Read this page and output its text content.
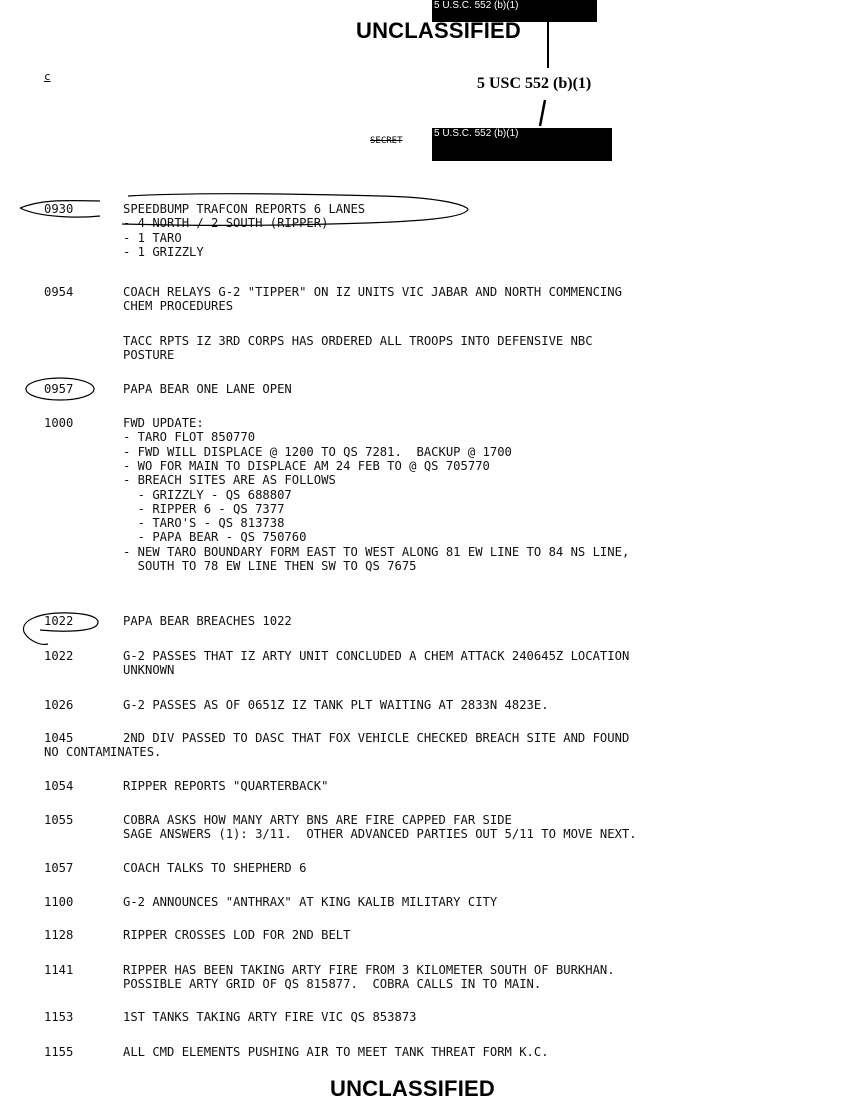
5 U.S.C. 552 (b)(1)
UNCLASSIFIED
c	5 USC 552 (b)(1)
SECRET
5 U.S.C. 552 (b)(1)
0930	SPEEDBUMP TRAFCON REPORTS 6 LANES
- 4 NORTH / 2 SOUTH (RIPPER)
- 1 TARO
- 1 GRIZZLY
0954	COACH RELAYS G-2 "TIPPER" ON IZ UNITS VIC JABAR AND NORTH COMMENCING
CHEM PROCEDURES
TACC RPTS IZ 3RD CORPS HAS ORDERED ALL TROOPS INTO DEFENSIVE NBC
POSTURE
0957	PAPA BEAR ONE LANE OPEN
1000	FWD UPDATE:
- TARO FLOT 850770
- FWD WILL DISPLACE @ 1200 TO QS 7281.  BACKUP @ 1700
- WO FOR MAIN TO DISPLACE AM 24 FEB TO @ QS 705770
- BREACH SITES ARE AS FOLLOWS
- GRIZZLY - QS 688807
- RIPPER 6 - QS 7377
- TARO'S - QS 813738
- PAPA BEAR - QS 750760
- NEW TARO BOUNDARY FORM EAST TO WEST ALONG 81 EW LINE TO 84 NS LINE,
SOUTH TO 78 EW LINE THEN SW TO QS 7675
1022	PAPA BEAR BREACHES 1022
1022	G-2 PASSES THAT IZ ARTY UNIT CONCLUDED A CHEM ATTACK 240645Z LOCATION
UNKNOWN
1026	G-2 PASSES AS OF 0651Z IZ TANK PLT WAITING AT 2833N 4823E.
1045	2ND DIV PASSED TO DASC THAT FOX VEHICLE CHECKED BREACH SITE AND FOUND
NO CONTAMINATES.
1054	RIPPER REPORTS "QUARTERBACK"
1055	COBRA ASKS HOW MANY ARTY BNS ARE FIRE CAPPED FAR SIDE
SAGE ANSWERS (1): 3/11.  OTHER ADVANCED PARTIES OUT 5/11 TO MOVE NEXT.
1057	COACH TALKS TO SHEPHERD 6
1100	G-2 ANNOUNCES "ANTHRAX" AT KING KALIB MILITARY CITY
1128	RIPPER CROSSES LOD FOR 2ND BELT
1141	RIPPER HAS BEEN TAKING ARTY FIRE FROM 3 KILOMETER SOUTH OF BURKHAN.
POSSIBLE ARTY GRID OF QS 815877.  COBRA CALLS IN TO MAIN.
1153	1ST TANKS TAKING ARTY FIRE VIC QS 853873
1155	ALL CMD ELEMENTS PUSHING AIR TO MEET TANK THREAT FORM K.C.
UNCLASSIFIED
